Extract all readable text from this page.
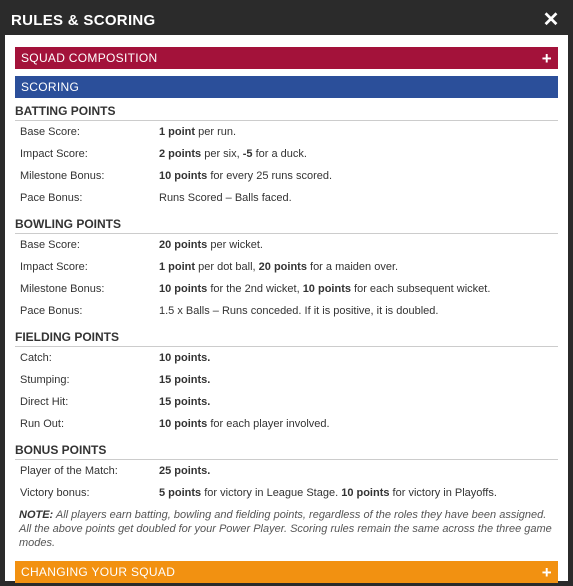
RULES & SCORING	✕
SQUAD COMPOSITION	+
SCORING
BATTING POINTS
Base Score:	1 point per run.
Impact Score:	2 points per six, -5 for a duck.
Milestone Bonus:	10 points for every 25 runs scored.
Pace Bonus:	Runs Scored – Balls faced.
BOWLING POINTS
Base Score:	20 points per wicket.
Impact Score:	1 point per dot ball, 20 points for a maiden over.
Milestone Bonus:	10 points for the 2nd wicket, 10 points for each subsequent wicket.
Pace Bonus:	1.5 x Balls – Runs conceded. If it is positive, it is doubled.
FIELDING POINTS
Catch:	10 points.
Stumping:	15 points.
Direct Hit:	15 points.
Run Out:	10 points for each player involved.
BONUS POINTS
Player of the Match:	25 points.
Victory bonus:	5 points for victory in League Stage. 10 points for victory in Playoffs.
NOTE: All players earn batting, bowling and fielding points, regardless of the roles they have been assigned. All the above points get doubled for your Power Player. Scoring rules remain the same across the three game modes.
CHANGING YOUR SQUAD	+
